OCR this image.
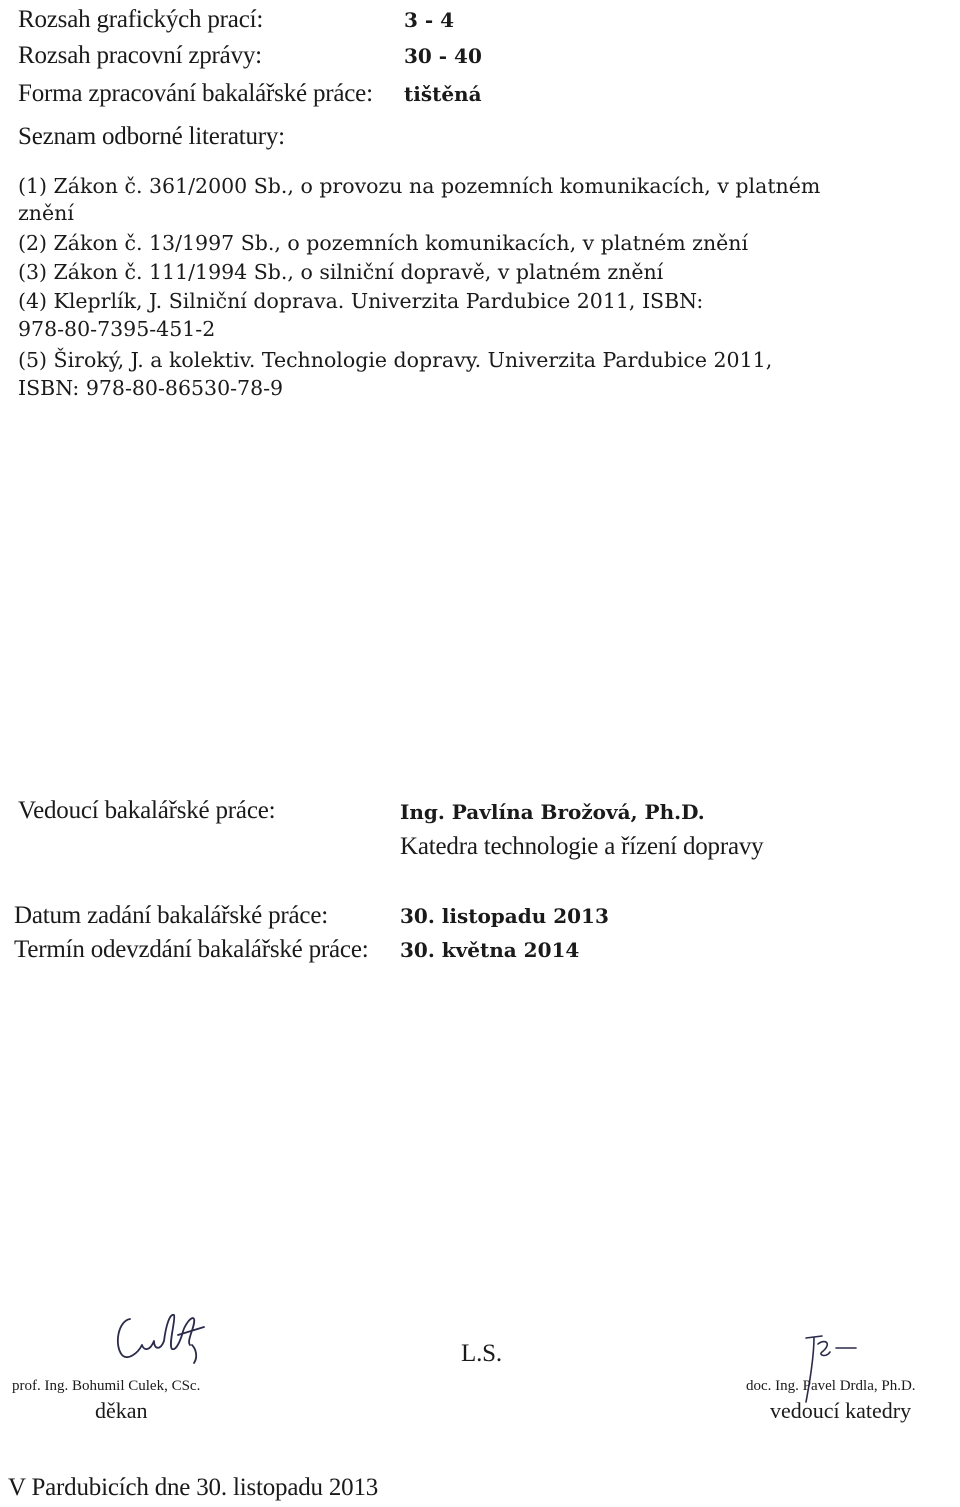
Rozsah grafických prací:	3 - 4
Rozsah pracovní zprávy:	30 - 40
Forma zpracování bakalářské práce: tištěná
Seznam odborné literatury:
(1) Zákon č. 361/2000 Sb., o provozu na pozemních komunikacích, v platném
znění
(2) Zákon č. 13/1997 Sb., o pozemních komunikacích, v platném znění
(3) Zákon č. 111/1994 Sb., o silniční dopravě, v platném znění
(4) Kleprlík, J. Silniční doprava. Univerzita Pardubice 2011, ISBN:
978-80-7395-451-2
(5) Široký, J. a kolektiv. Technologie dopravy. Univerzita Pardubice 2011,
ISBN: 978-80-86530-78-9
Vedoucí bakalářské práce:	Ing. Pavlína Brožová, Ph.D.
Katedra technologie a řízení dopravy
Datum zadání bakalářské práce:	30. listopadu 2013
Termín odevzdání bakalářské práce: 30. května 2014
prof. Ing. Bohumil Culek, CSc.
děkan
L.S.
doc. Ing. Pavel Drdla, Ph.D.
vedoucí katedry
V Pardubicích dne 30. listopadu 2013
